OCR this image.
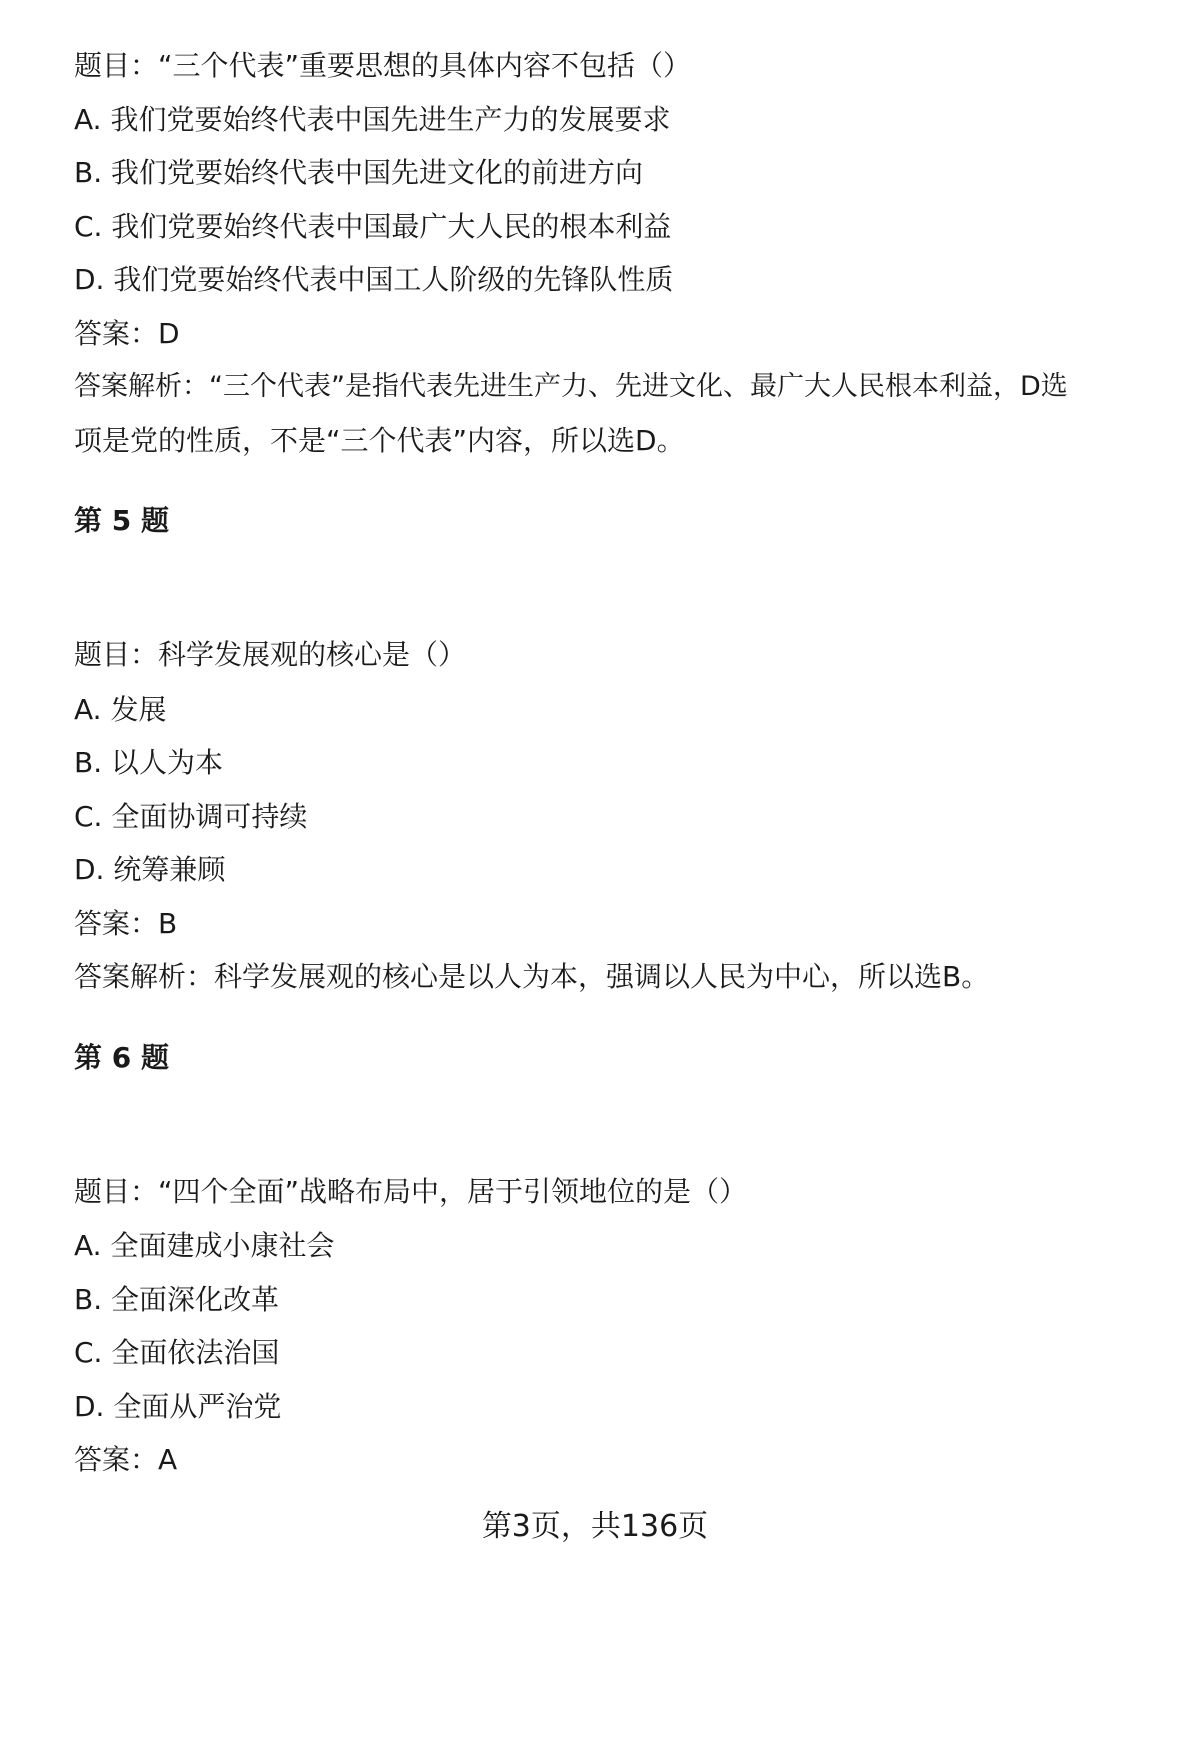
题目：“三个代表”重要思想的具体内容不包括（）
A. 我们党要始终代表中国先进生产力的发展要求
B. 我们党要始终代表中国先进文化的前进方向
C. 我们党要始终代表中国最广大人民的根本利益
D. 我们党要始终代表中国工人阶级的先锋队性质
答案：D
答案解析：“三个代表”是指代表先进生产力、先进文化、最广大人民根本利益，D选
项是党的性质，不是“三个代表”内容，所以选D。
第 5 题
题目：科学发展观的核心是（）
A. 发展
B. 以人为本
C. 全面协调可持续
D. 统筹兼顾
答案：B
答案解析：科学发展观的核心是以人为本，强调以人民为中心，所以选B。
第 6 题
题目：“四个全面”战略布局中，居于引领地位的是（）
A. 全面建成小康社会
B. 全面深化改革
C. 全面依法治国
D. 全面从严治党
答案：A
第3页，共136页
